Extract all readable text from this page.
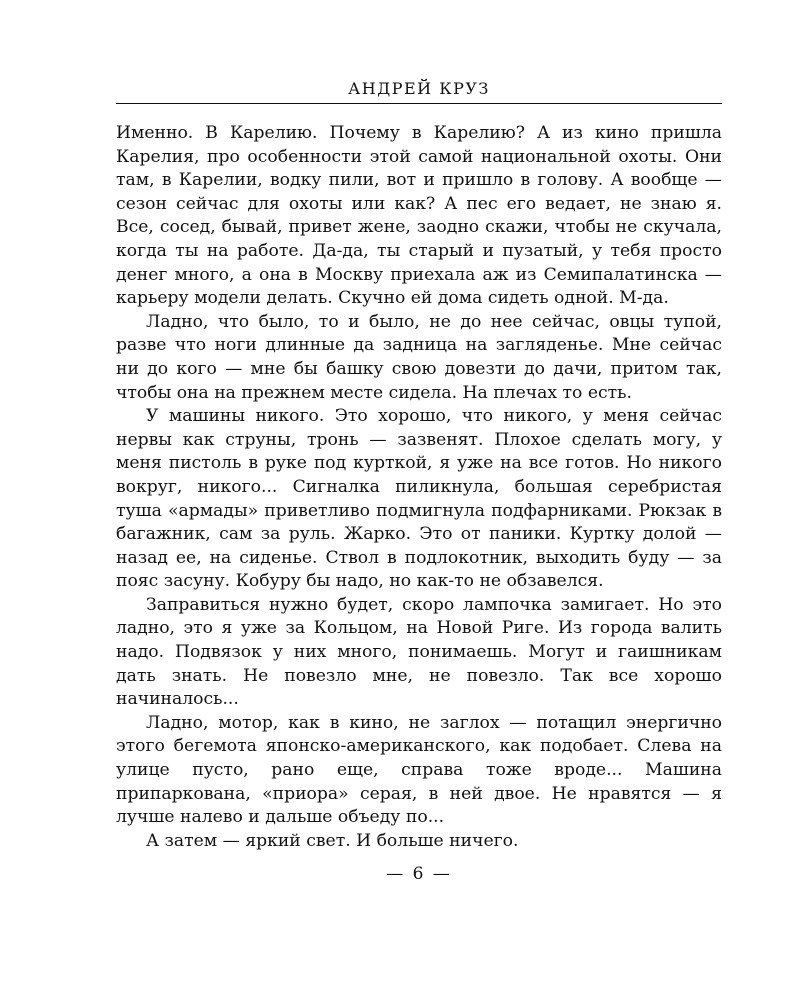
АНДРЕЙ КРУЗ

Именно. В Карелию. Почему в Карелию? А из кино пришла Карелия, про особенности этой самой национальной охоты. Они там, в Карелии, водку пили, вот и пришло в голову. А вообще — сезон сейчас для охоты или как? А пес его ведает, не знаю я. Все, сосед, бывай, привет жене, заодно скажи, чтобы не скучала, когда ты на работе. Да-да, ты старый и пузатый, у тебя просто денег много, а она в Москву приехала аж из Семипалатинска — карьеру модели делать. Скучно ей дома сидеть одной. М-да.

Ладно, что было, то и было, не до нее сейчас, овцы тупой, разве что ноги длинные да задница на загляденье. Мне сейчас ни до кого — мне бы башку свою довезти до дачи, притом так, чтобы она на прежнем месте сидела. На плечах то есть.

У машины никого. Это хорошо, что никого, у меня сейчас нервы как струны, тронь — зазвенят. Плохое сделать могу, у меня пистоль в руке под курткой, я уже на все готов. Но никого вокруг, никого... Сигналка пиликнула, большая серебристая туша «армады» приветливо подмигнула подфарниками. Рюкзак в багажник, сам за руль. Жарко. Это от паники. Куртку долой — назад ее, на сиденье. Ствол в подлокотник, выходить буду — за пояс засуну. Кобуру бы надо, но как-то не обзавелся.

Заправиться нужно будет, скоро лампочка замигает. Но это ладно, это я уже за Кольцом, на Новой Риге. Из города валить надо. Подвязок у них много, понимаешь. Могут и гаишникам дать знать. Не повезло мне, не повезло. Так все хорошо начиналось...

Ладно, мотор, как в кино, не заглох — потащил энергично этого бегемота японско-американского, как подобает. Слева на улице пусто, рано еще, справа тоже вроде... Машина припаркована, «приора» серая, в ней двое. Не нравятся — я лучше налево и дальше объеду по...

А затем — яркий свет. И больше ничего.

— 6 —
